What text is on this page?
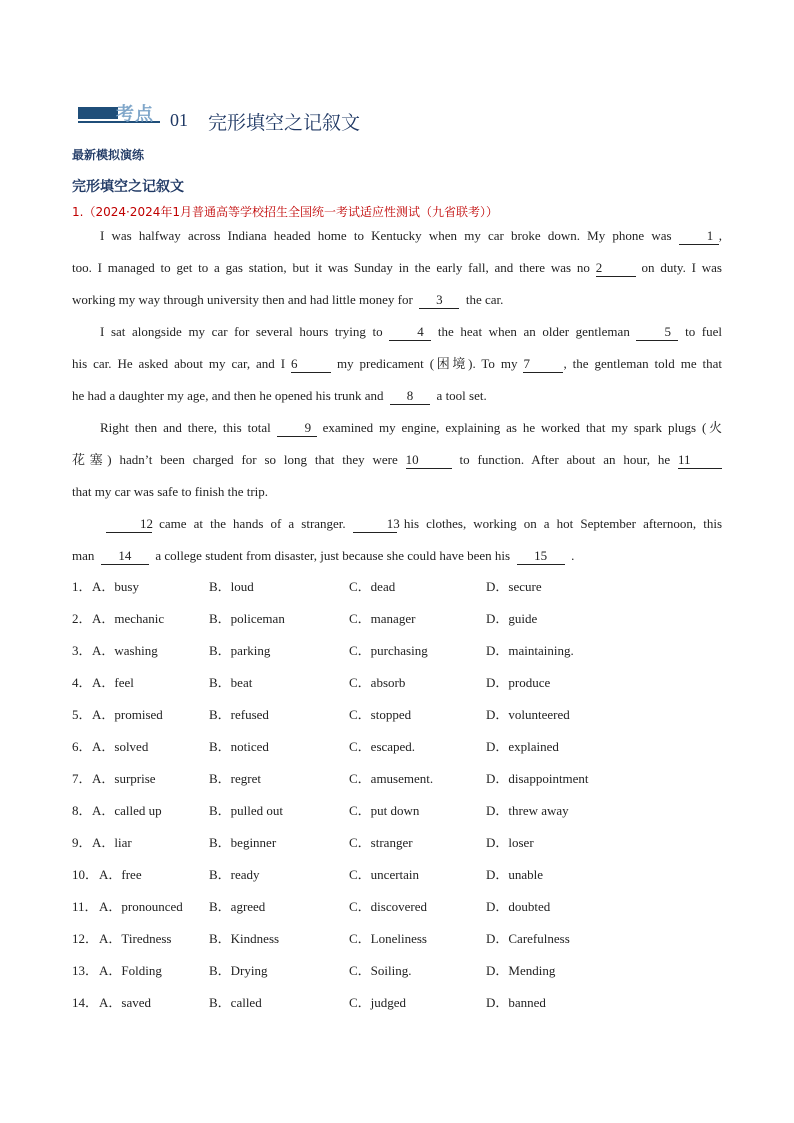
考点 01 完形填空之记叙文
最新模拟演练
完形填空之记叙文
1.（2024·2024年1月普通高等学校招生全国统一考试适应性测试（九省联考））
I was halfway across Indiana headed home to Kentucky when my car broke down. My phone was	1 ,
too. I managed to get to a gas station, but it was Sunday in the early fall, and there was no 2	on duty. I was
working my way through university then and had little money for 3 the car.
I sat alongside my car for several hours trying to	4 the heat when an older gentleman	5 to fuel
his car. He asked about my car, and I 6	my predicament (困境). To my 7	, the gentleman told me that
he had a daughter my age, and then he opened his trunk and 8 a tool set.
Right then and there, this total	9 examined my engine, explaining as he worked that my spark plugs (火
花塞) hadn’t been charged for so long that they were 10	to function. After about an hour, he 11
that my car was safe to finish the trip.
12 came at the hands of a stranger.	13 his clothes, working on a hot September afternoon, this
man 14 a college student from disaster, just because she could have been his 15 .
1． A．busy	B．loud	C．dead	D．secure
2． A．mechanic	B．policeman	C．manager	D．guide
3． A．washing	B．parking	C．purchasing	D．maintaining.
4． A．feel	B．beat	C．absorb	D．produce
5． A．promised	B．refused	C．stopped	D．volunteered
6． A．solved	B．noticed	C．escaped.	D．explained
7． A．surprise	B．regret	C．amusement.	D．disappointment
8． A．called up	B．pulled out	C．put down	D．threw away
9． A．liar	B．beginner	C．stranger	D．loser
10． A．free	B．ready	C．uncertain	D．unable
11． A．pronounced B．agreed	C．discovered	D．doubted
12． A．Tiredness	B．Kindness	C．Loneliness	D．Carefulness
13． A．Folding	B．Drying	C．Soiling.	D．Mending
14． A．saved	B．called	C．judged	D．banned
